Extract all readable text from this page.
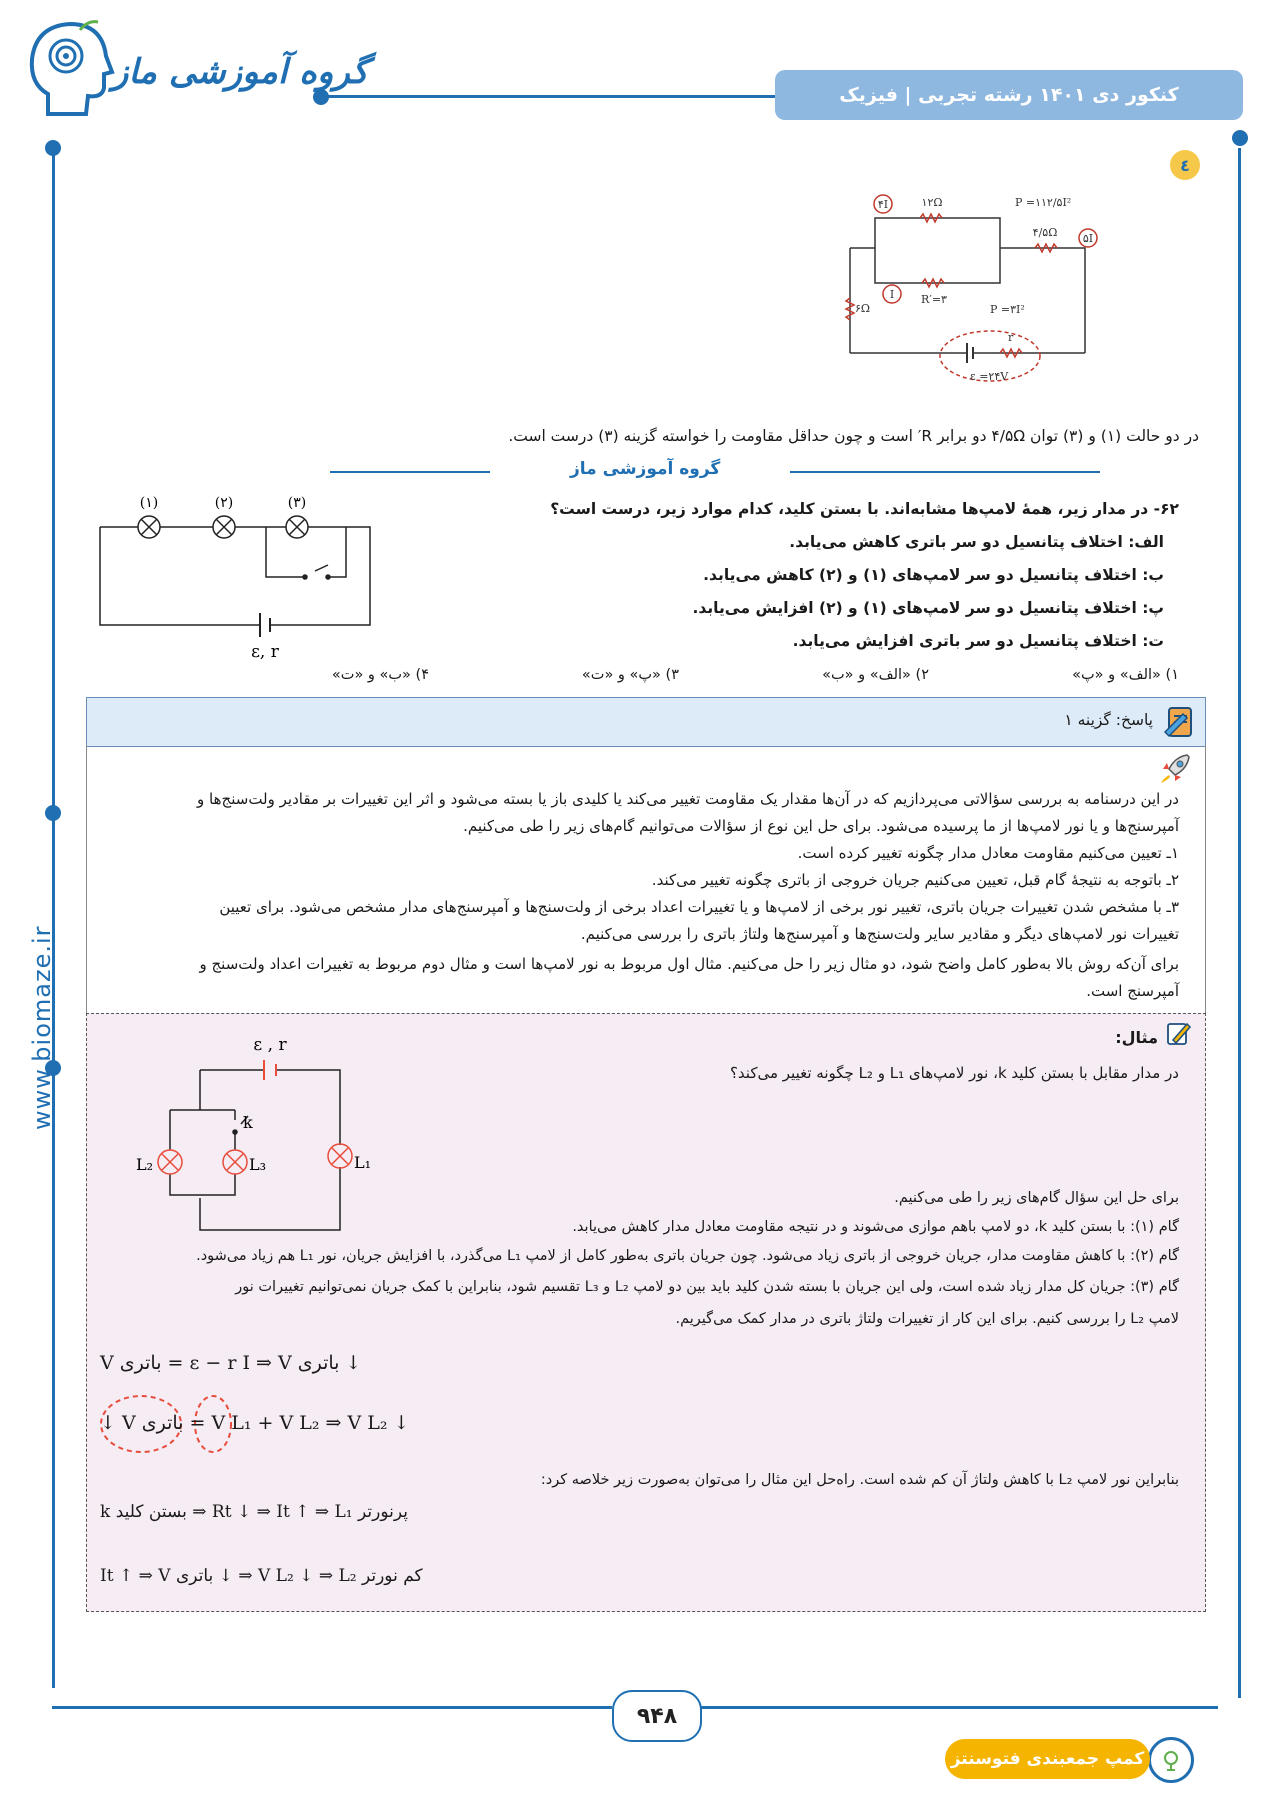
گروه آموزشی ماز
کنکور دی ۱۴۰۱ رشته تجربی | فیزیک
www.biomaze.ir
٤
۴I	۱۲Ω	P =۱۱۲/۵I²
۴/۵Ω ۵I
۶Ω
I R′=۳
P =۳I²
r
ε =۲۴V
در دو حالت (۱) و (۳) توان ۴/۵Ω دو برابر R′ است و چون حداقل مقاومت را خواسته گزینه (۳) درست است.
گروه آموزشی ماز
(۱)	(۲)	(۳)
ε, r
۶۲- در مدار زیر، همهٔ لامپ‌ها مشابه‌اند. با بستن کلید، کدام موارد زیر، درست است؟
الف: اختلاف پتانسیل دو سر باتری کاهش می‌یابد.
ب: اختلاف پتانسیل دو سر لامپ‌های (۱) و (۲) کاهش می‌یابد.
پ: اختلاف پتانسیل دو سر لامپ‌های (۱) و (۲) افزایش می‌یابد.
ت: اختلاف پتانسیل دو سر باتری افزایش می‌یابد.
۱) «الف» و «پ»
۲) «الف» و «ب»
۳) «پ» و «ت»
۴) «ب» و «ت»
پاسخ: گزینه ۱
در این درسنامه به بررسی سؤالاتی می‌پردازیم که در آن‌ها مقدار یک مقاومت تغییر می‌کند یا کلیدی باز یا بسته می‌شود و اثر این تغییرات بر مقادیر ولت‌سنج‌ها و
آمپرسنج‌ها و یا نور لامپ‌ها از ما پرسیده می‌شود. برای حل این نوع از سؤالات می‌توانیم گام‌های زیر را طی می‌کنیم.
۱ـ تعیین می‌کنیم مقاومت معادل مدار چگونه تغییر کرده است.
۲ـ باتوجه به نتیجهٔ گام قبل، تعیین می‌کنیم جریان خروجی از باتری چگونه تغییر می‌کند.
۳ـ با مشخص شدن تغییرات جریان باتری، تغییر نور برخی از لامپ‌ها و یا تغییرات اعداد برخی از ولت‌سنج‌ها و آمپرسنج‌های مدار مشخص می‌شود. برای تعیین
تغییرات نور لامپ‌های دیگر و مقادیر سایر ولت‌سنج‌ها و آمپرسنج‌ها ولتاژ باتری را بررسی می‌کنیم.
برای آن‌که روش بالا به‌طور کامل واضح شود، دو مثال زیر را حل می‌کنیم. مثال اول مربوط به نور لامپ‌ها است و مثال دوم مربوط به تغییرات اعداد ولت‌سنج و
آمپرسنج است.
مثال:
در مدار مقابل با بستن کلید k، نور لامپ‌های L₁ و L₂ چگونه تغییر می‌کند؟
ε , r
k
L₁
L₂	L₃
برای حل این سؤال گام‌های زیر را طی می‌کنیم.
گام (۱): با بستن کلید k، دو لامپ باهم موازی می‌شوند و در نتیجه مقاومت معادل مدار کاهش می‌یابد.
گام (۲): با کاهش مقاومت مدار، جریان خروجی از باتری زیاد می‌شود. چون جریان باتری به‌طور کامل از لامپ L₁ می‌گذرد، با افزایش جریان، نور L₁ هم زیاد می‌شود.
گام (۳): جریان کل مدار زیاد شده است، ولی این جریان با بسته شدن کلید باید بین دو لامپ L₂ و L₃ تقسیم شود، بنابراین با کمک جریان نمی‌توانیم تغییرات نور
لامپ L₂ را بررسی کنیم. برای این کار از تغییرات ولتاژ باتری در مدار کمک می‌گیریم.
V باتری = ε − r I ⇒ V باتری ↓
↓ V باتری = V L₁ + V L₂ ⇒ V L₂ ↓
بنابراین نور لامپ L₂ با کاهش ولتاژ آن کم شده است. راه‌حل این مثال را می‌توان به‌صورت زیر خلاصه کرد:
k بستن کلید ⇒ Rt ↓ ⇒ It ↑ ⇒ L₁ پرنورتر
It ↑ ⇒ V باتری ↓ ⇒ V L₂ ↓ ⇒ L₂ کم نورتر
۹۴۸
کمپ جمعبندی فتوسنتز
